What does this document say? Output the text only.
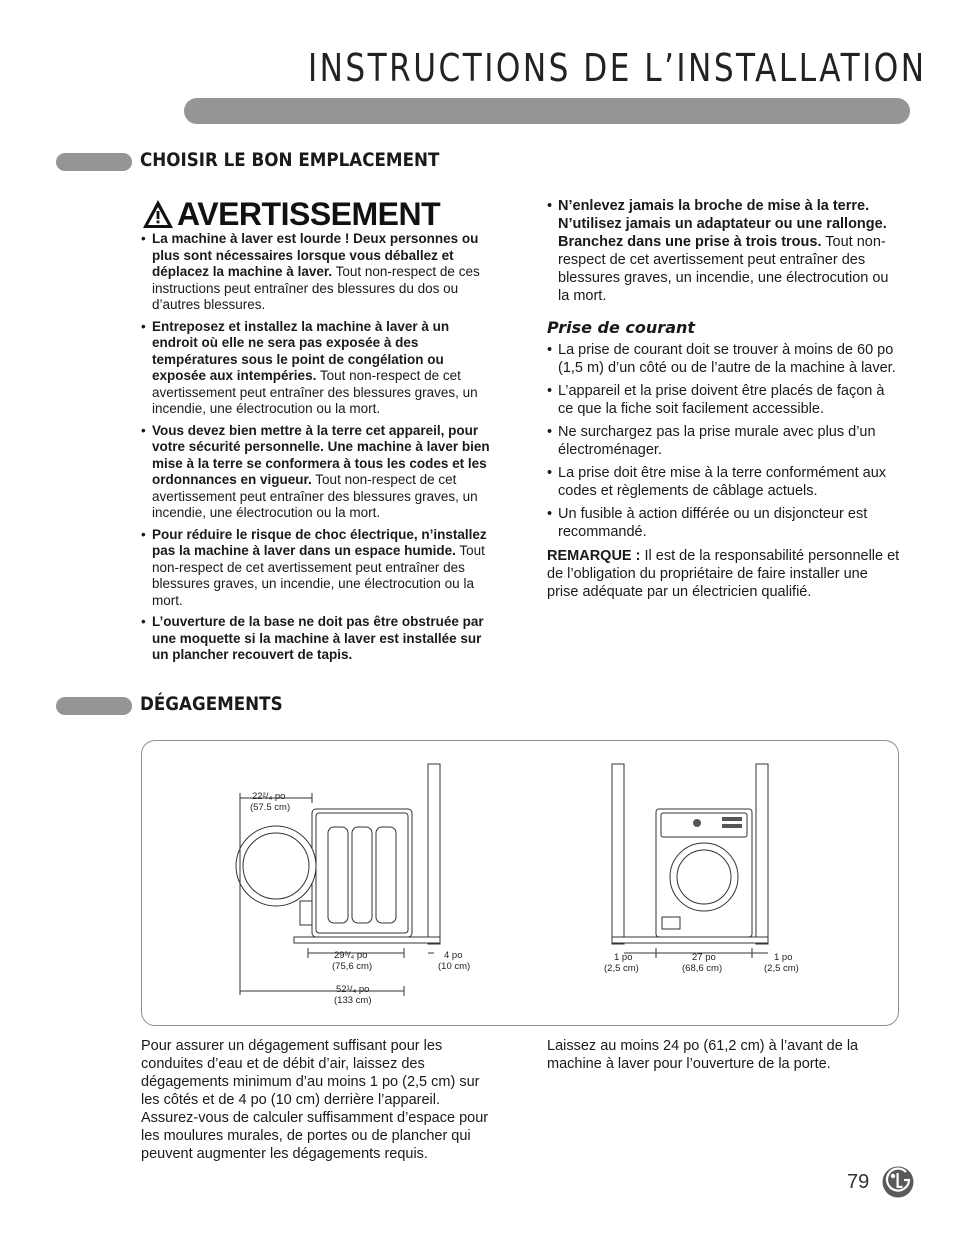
INSTRUCTIONS DE L’INSTALLATION
CHOISIR LE BON EMPLACEMENT
AVERTISSEMENT
• La machine à laver est lourde ! Deux personnes ou plus sont nécessaires lorsque vous déballez et déplacez la machine à laver. Tout non-respect de ces instructions peut entraîner des blessures du dos ou d’autres blessures.
• Entreposez et installez la machine à laver à un endroit où elle ne sera pas exposée à des températures sous le point de congélation ou exposée aux intempéries. Tout non-respect de cet avertissement peut entraîner des blessures graves, un incendie, une électrocution ou la mort.
• Vous devez bien mettre à la terre cet appareil, pour votre sécurité personnelle. Une machine à laver bien mise à la terre se conformera à tous les codes et les ordonnances en vigueur. Tout non-respect de cet avertissement peut entraîner des blessures graves, un incendie, une électrocution ou la mort.
• Pour réduire le risque de choc électrique, n’installez pas la machine à laver dans un espace humide. Tout non-respect de cet avertissement peut entraîner des blessures graves, un incendie, une électrocution ou la mort.
• L’ouverture de la base ne doit pas être obstruée par une moquette si la machine à laver est installée sur un plancher recouvert de tapis.
• N’enlevez jamais la broche de mise à la terre. N’utilisez jamais un adaptateur ou une rallonge. Branchez dans une prise à trois trous. Tout non-respect de cet avertissement peut entraîner des blessures graves, un incendie, une électrocution ou la mort.
Prise de courant
• La prise de courant doit se trouver à moins de 60 po (1,5 m) d’un côté ou de l’autre de la machine à laver.
• L’appareil et la prise doivent être placés de façon à ce que la fiche soit facilement accessible.
• Ne surchargez pas la prise murale avec plus d’un électroménager.
• La prise doit être mise à la terre conformément aux codes et règlements de câblage actuels.
• Un fusible à action différée ou un disjoncteur est recommandé.
REMARQUE : Il est de la responsabilité personnelle et de l’obligation du propriétaire de faire installer une prise adéquate par un électricien qualifié.
DÉGAGEMENTS
22²/₄ po
(57.5 cm)
29³/₄ po
(75,6 cm)
4 po
(10 cm)
52¹/₄ po
(133 cm)
1 po
(2,5 cm)
27 po
(68,6 cm)
1 po
(2,5 cm)
Pour assurer un dégagement suffisant pour les conduites d’eau et de débit d’air, laissez des dégagements minimum d’au moins 1 po (2,5 cm) sur les côtés et de 4 po (10 cm) derrière l’appareil. Assurez-vous de calculer suffisamment d’espace pour les moulures murales, de portes ou de plancher qui peuvent augmenter les dégagements requis.
Laissez au moins 24 po (61,2 cm) à l’avant de la machine à laver pour l’ouverture de la porte.
79
